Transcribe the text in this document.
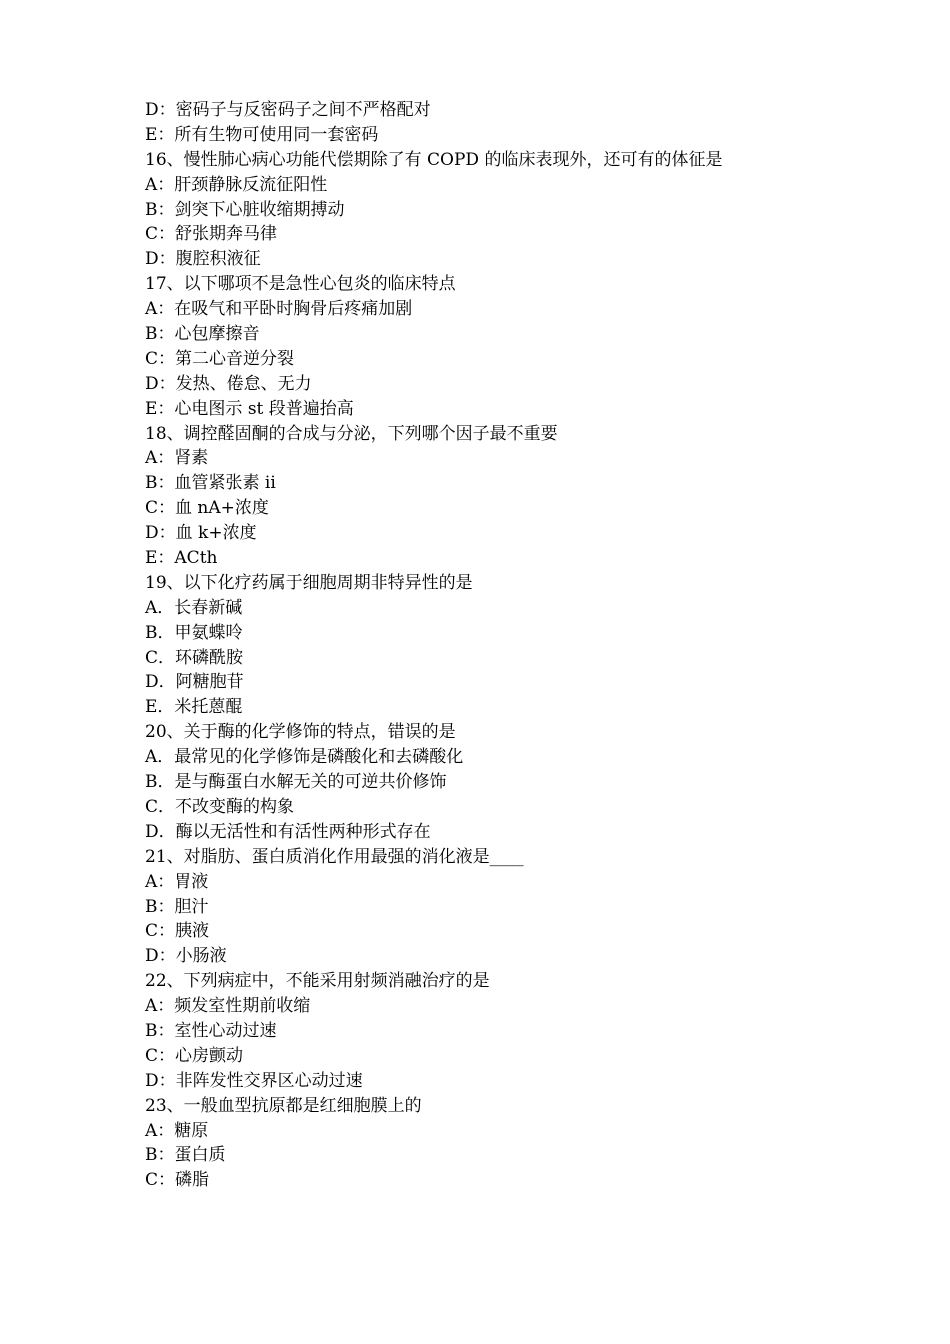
D：密码子与反密码子之间不严格配对
E：所有生物可使用同一套密码
16、慢性肺心病心功能代偿期除了有 COPD 的临床表现外，还可有的体征是
A：肝颈静脉反流征阳性
B：剑突下心脏收缩期搏动
C：舒张期奔马律
D：腹腔积液征
17、以下哪项不是急性心包炎的临床特点
A：在吸气和平卧时胸骨后疼痛加剧
B：心包摩擦音
C：第二心音逆分裂
D：发热、倦怠、无力
E：心电图示 st 段普遍抬高
18、调控醛固酮的合成与分泌，下列哪个因子最不重要
A：肾素
B：血管紧张素 ii
C：血 nA+浓度
D：血 k+浓度
E：ACth
19、以下化疗药属于细胞周期非特异性的是
A．长春新碱
B．甲氨蝶呤
C．环磷酰胺
D．阿糖胞苷
E．米托蒽醌
20、关于酶的化学修饰的特点，错误的是
A．最常见的化学修饰是磷酸化和去磷酸化
B．是与酶蛋白水解无关的可逆共价修饰
C．不改变酶的构象
D．酶以无活性和有活性两种形式存在
21、对脂肪、蛋白质消化作用最强的消化液是____
A：胃液
B：胆汁
C：胰液
D：小肠液
22、下列病症中，不能采用射频消融治疗的是
A：频发室性期前收缩
B：室性心动过速
C：心房颤动
D：非阵发性交界区心动过速
23、一般血型抗原都是红细胞膜上的
A：糖原
B：蛋白质
C：磷脂
